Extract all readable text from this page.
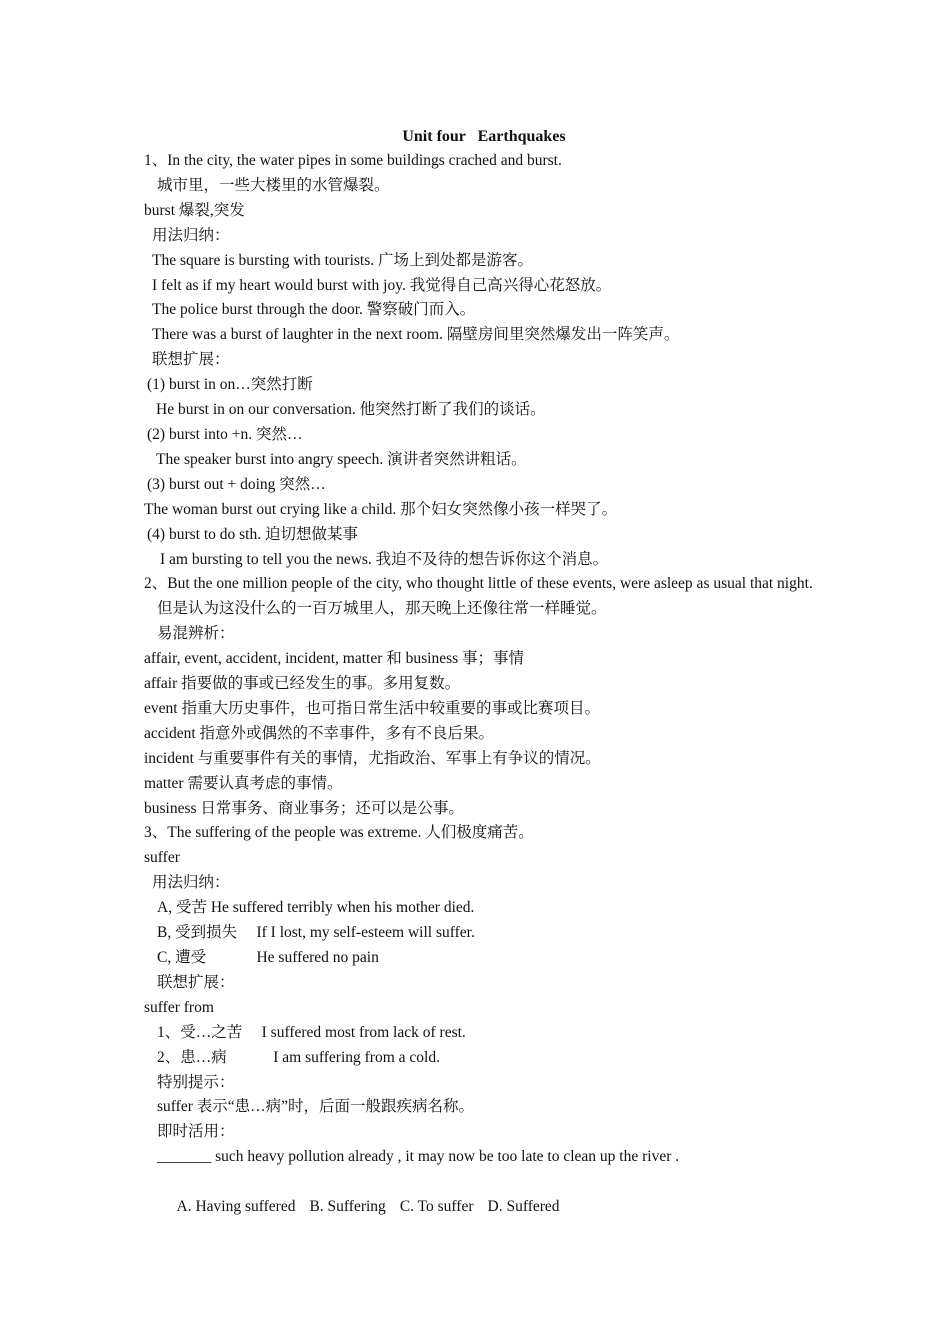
Unit four   Earthquakes
1、In the city, the water pipes in some buildings crached and burst.
城市里，一些大楼里的水管爆裂。
burst 爆裂,突发
用法归纳：
The square is bursting with tourists. 广场上到处都是游客。
I felt as if my heart would burst with joy. 我觉得自己高兴得心花怒放。
The police burst through the door. 警察破门而入。
There was a burst of laughter in the next room. 隔壁房间里突然爆发出一阵笑声。
联想扩展：
(1) burst in on…突然打断
He burst in on our conversation. 他突然打断了我们的谈话。
(2) burst into +n. 突然…
The speaker burst into angry speech. 演讲者突然讲粗话。
(3) burst out + doing 突然…
The woman burst out crying like a child. 那个妇女突然像小孩一样哭了。
(4) burst to do sth. 迫切想做某事
I am bursting to tell you the news. 我迫不及待的想告诉你这个消息。
2、But the one million people of the city, who thought little of these events, were asleep as usual that night.
但是认为这没什么的一百万城里人，那天晚上还像往常一样睡觉。
易混辨析：
affair, event, accident, incident, matter 和 business 事；事情
affair 指要做的事或已经发生的事。多用复数。
event 指重大历史事件，也可指日常生活中较重要的事或比赛项目。
accident 指意外或偶然的不幸事件，多有不良后果。
incident 与重要事件有关的事情，尤指政治、军事上有争议的情况。
matter 需要认真考虑的事情。
business 日常事务、商业事务；还可以是公事。
3、The suffering of the people was extreme. 人们极度痛苦。
suffer
用法归纳：
A, 受苦 He suffered terribly when his mother died.
B, 受到损失     If I lost, my self-esteem will suffer.
C, 遭受             He suffered no pain
联想扩展：
suffer from
1、受…之苦     I suffered most from lack of rest.
2、患…病            I am suffering from a cold.
特别提示：
suffer 表示“患…病”时，后面一般跟疾病名称。
即时活用：
_______ such heavy pollution already , it may now be too late to clean up the river .

A. Having suffered B. Suffering C. To suffer D. Suffered
